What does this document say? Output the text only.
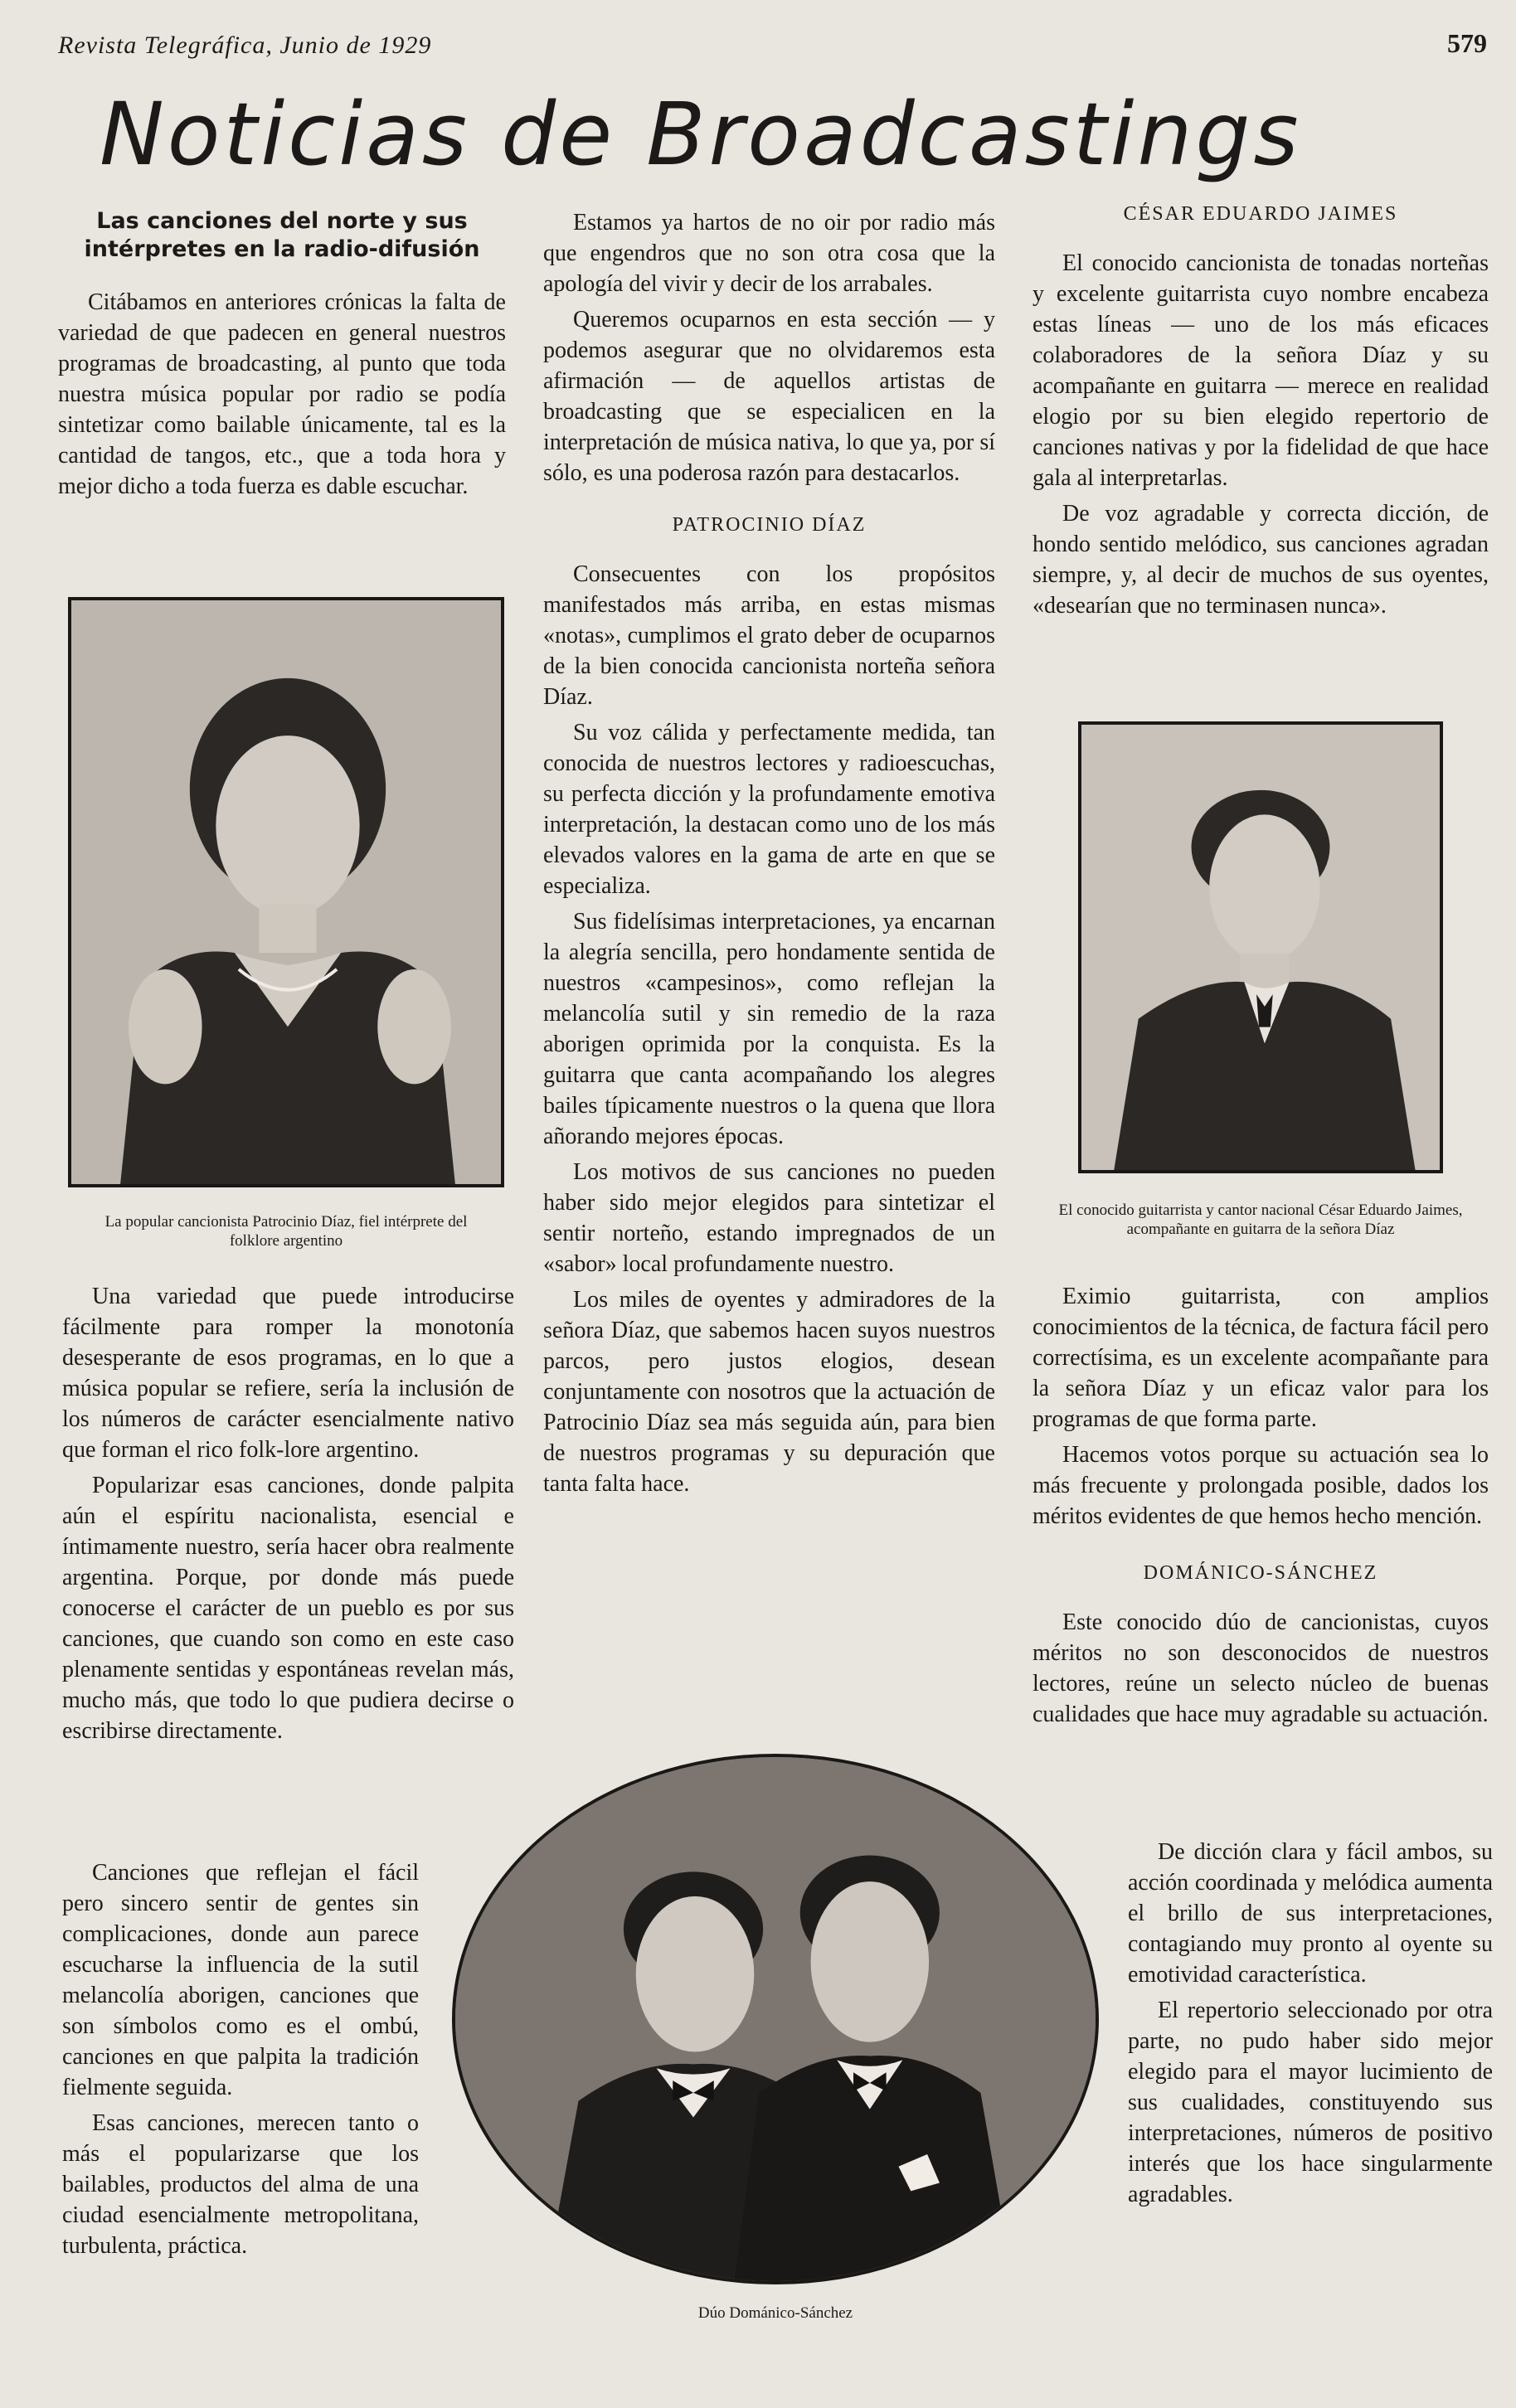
Revista Telegráfica, Junio de 1929	579
Noticias de Broadcastings
Las canciones del norte y sus intérpretes en la radio-difusión

Citábamos en anteriores crónicas la falta de variedad de que padecen en general nuestros programas de broadcasting, al punto que toda nuestra música popular por radio se podía sintetizar como bailable únicamente, tal es la cantidad de tangos, etc., que a toda hora y mejor dicho a toda fuerza es dable escuchar.

La popular cancionista Patrocinio Díaz, fiel intérprete del folklore argentino

Una variedad que puede introducirse fácilmente para romper la monotonía desesperante de esos programas, en lo que a música popular se refiere, sería la inclusión de los números de carácter esencialmente nativo que forman el rico folk-lore argentino.

Popularizar esas canciones, donde palpita aún el espíritu nacionalista, esencial e íntimamente nuestro, sería hacer obra realmente argentina. Porque, por donde más puede conocerse el carácter de un pueblo es por sus canciones, que cuando son como en este caso plenamente sentidas y espontáneas revelan más, mucho más, que todo lo que pudiera decirse o escribirse directamente.

Canciones que reflejan el fácil pero sincero sentir de gentes sin complicaciones, donde aun parece escucharse la influencia de la sutil melancolía aborigen, canciones que son símbolos como es el ombú, canciones en que palpita la tradición fielmente seguida.

Esas canciones, merecen tanto o más el popularizarse que los bailables, productos del alma de una ciudad esencialmente metropolitana, turbulenta, práctica.

Estamos ya hartos de no oir por radio más que engendros que no son otra cosa que la apología del vivir y decir de los arrabales.

Queremos ocuparnos en esta sección — y podemos asegurar que no olvidaremos esta afirmación — de aquellos artistas de broadcasting que se especialicen en la interpretación de música nativa, lo que ya, por sí sólo, es una poderosa razón para destacarlos.

PATROCINIO DÍAZ

Consecuentes con los propósitos manifestados más arriba, en estas mismas «notas», cumplimos el grato deber de ocuparnos de la bien conocida cancionista norteña señora Díaz.

Su voz cálida y perfectamente medida, tan conocida de nuestros lectores y radioescuchas, su perfecta dicción y la profundamente emotiva interpretación, la destacan como uno de los más elevados valores en la gama de arte en que se especializa.

Sus fidelísimas interpretaciones, ya encarnan la alegría sencilla, pero hondamente sentida de nuestros «campesinos», como reflejan la melancolía sutil y sin remedio de la raza aborigen oprimida por la conquista. Es la guitarra que canta acompañando los alegres bailes típicamente nuestros o la quena que llora añorando mejores épocas.

Los motivos de sus canciones no pueden haber sido mejor elegidos para sintetizar el sentir norteño, estando impregnados de un «sabor» local profundamente nuestro.

Los miles de oyentes y admiradores de la señora Díaz, que sabemos hacen suyos nuestros parcos, pero justos elogios, desean conjuntamente con nosotros que la actuación de Patrocinio Díaz sea más seguida aún, para bien de nuestros programas y su depuración que tanta falta hace.

CÉSAR EDUARDO JAIMES

El conocido cancionista de tonadas norteñas y excelente guitarrista cuyo nombre encabeza estas líneas — uno de los más eficaces colaboradores de la señora Díaz y su acompañante en guitarra — merece en realidad elogio por su bien elegido repertorio de canciones nativas y por la fidelidad de que hace gala al interpretarlas.

De voz agradable y correcta dicción, de hondo sentido melódico, sus canciones agradan siempre, y, al decir de muchos de sus oyentes, «desearían que no terminasen nunca».

El conocido guitarrista y cantor nacional César Eduardo Jaimes, acompañante en guitarra de la señora Díaz

Eximio guitarrista, con amplios conocimientos de la técnica, de factura fácil pero correctísima, es un excelente acompañante para la señora Díaz y un eficaz valor para los programas de que forma parte.

Hacemos votos porque su actuación sea lo más frecuente y prolongada posible, dados los méritos evidentes de que hemos hecho mención.

DOMÁNICO-SÁNCHEZ

Este conocido dúo de cancionistas, cuyos méritos no son desconocidos de nuestros lectores, reúne un selecto núcleo de buenas cualidades que hace muy agradable su actuación.

De dicción clara y fácil ambos, su acción coordinada y melódica aumenta el brillo de sus interpretaciones, contagiando muy pronto al oyente su emotividad característica.

El repertorio seleccionado por otra parte, no pudo haber sido mejor elegido para el mayor lucimiento de sus cualidades, constituyendo sus interpretaciones, números de positivo interés que los hace singularmente agradables.

Dúo Dománico-Sánchez
